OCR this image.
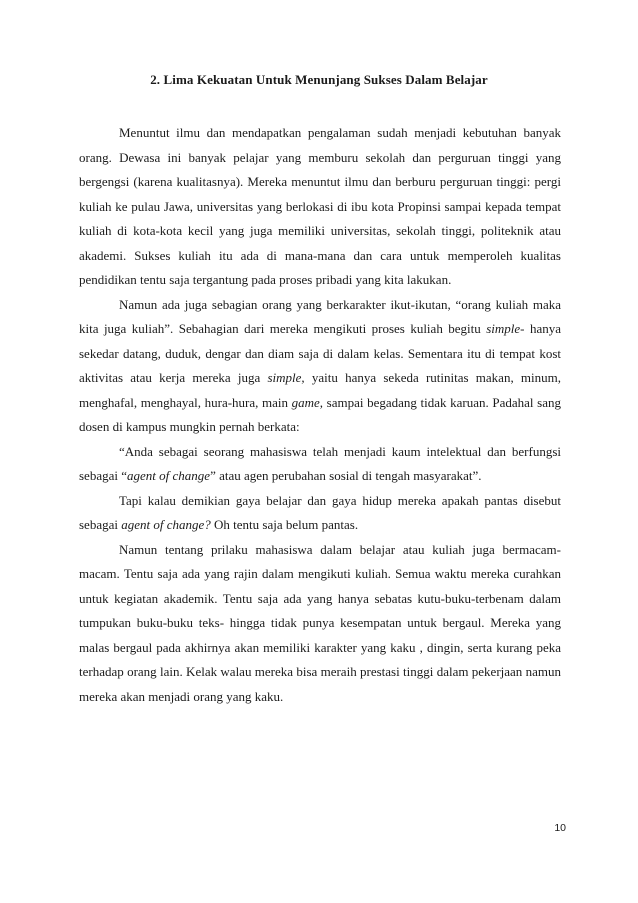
2. Lima Kekuatan Untuk Menunjang Sukses Dalam Belajar

Menuntut ilmu dan mendapatkan pengalaman sudah menjadi kebutuhan banyak orang. Dewasa ini banyak pelajar yang memburu sekolah dan perguruan tinggi yang bergengsi (karena kualitasnya). Mereka menuntut ilmu dan berburu perguruan tinggi: pergi kuliah ke pulau Jawa, universitas yang berlokasi di ibu kota Propinsi sampai kepada tempat kuliah di kota-kota kecil yang juga memiliki universitas, sekolah tinggi, politeknik atau akademi. Sukses kuliah itu ada di mana-mana dan cara untuk memperoleh kualitas pendidikan tentu saja tergantung pada proses pribadi yang kita lakukan.

Namun ada juga sebagian orang yang berkarakter ikut-ikutan, “orang kuliah maka kita juga kuliah”. Sebahagian dari mereka mengikuti proses kuliah begitu simple- hanya sekedar datang, duduk, dengar dan diam saja di dalam kelas. Sementara itu di tempat kost aktivitas atau kerja mereka juga simple, yaitu hanya sekeda rutinitas makan, minum, menghafal, menghayal, hura-hura, main game, sampai begadang tidak karuan. Padahal sang dosen di kampus mungkin pernah berkata:

“Anda sebagai seorang mahasiswa telah menjadi kaum intelektual dan berfungsi sebagai “agent of change” atau agen perubahan sosial di tengah masyarakat”.

Tapi kalau demikian gaya belajar dan gaya hidup mereka apakah pantas disebut sebagai agent of change? Oh tentu saja belum pantas.

Namun tentang prilaku mahasiswa dalam belajar atau kuliah juga bermacam-macam. Tentu saja ada yang rajin dalam mengikuti kuliah. Semua waktu mereka curahkan untuk kegiatan akademik. Tentu saja ada yang hanya sebatas kutu-buku-terbenam dalam tumpukan buku-buku teks- hingga tidak punya kesempatan untuk bergaul. Mereka yang malas bergaul pada akhirnya akan memiliki karakter yang kaku , dingin, serta kurang peka terhadap orang lain. Kelak walau mereka bisa meraih prestasi tinggi dalam pekerjaan namun mereka akan menjadi orang yang kaku.

10
